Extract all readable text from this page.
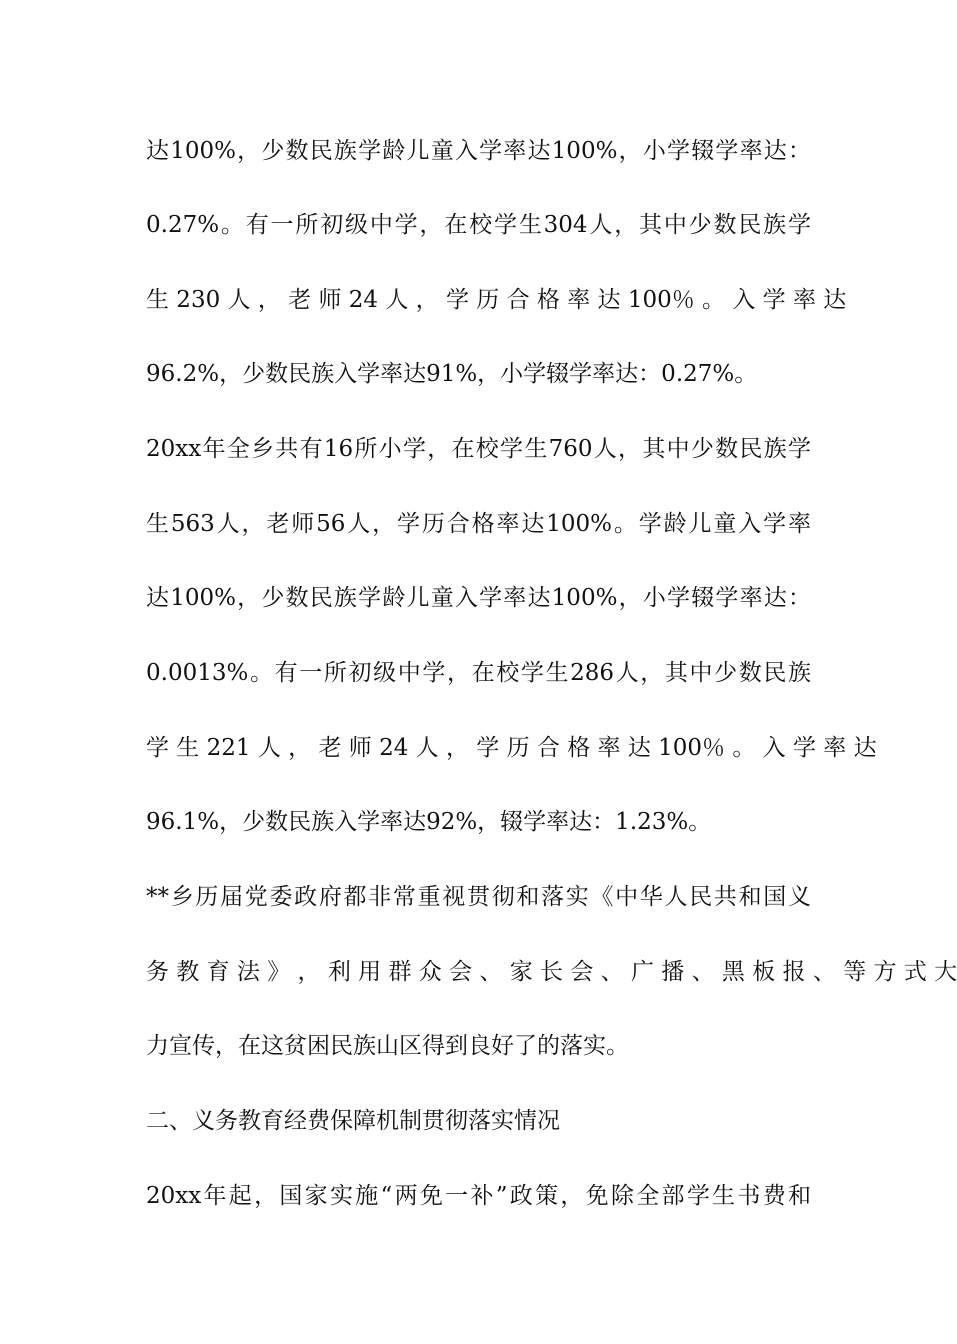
达100%，少数民族学龄儿童入学率达100%，小学辍学率达：
0.27%。有一所初级中学，在校学生304人，其中少数民族学
生 230 人 ， 老 师 24 人 ， 学 历 合 格 率 达 100％ 。 入 学 率 达
96.2%，少数民族入学率达91%，小学辍学率达：0.27%。
20xx年全乡共有16所小学，在校学生760人，其中少数民族学
生563人，老师56人，学历合格率达100%。学龄儿童入学率
达100%，少数民族学龄儿童入学率达100%，小学辍学率达：
0.0013%。有一所初级中学，在校学生286人，其中少数民族
学 生 221 人 ， 老 师 24 人 ， 学 历 合 格 率 达 100％ 。 入 学 率 达
96.1%，少数民族入学率达92%，辍学率达：1.23%。
**乡历届党委政府都非常重视贯彻和落实《中华人民共和国义
务 教 育 法 》 ， 利 用 群 众 会 、 家 长 会 、 广 播 、 黑 板 报 、 等 方 式 大
力宣传，在这贫困民族山区得到良好了的落实。
二、义务教育经费保障机制贯彻落实情况
20xx年起，国家实施“两免一补”政策，免除全部学生书费和
